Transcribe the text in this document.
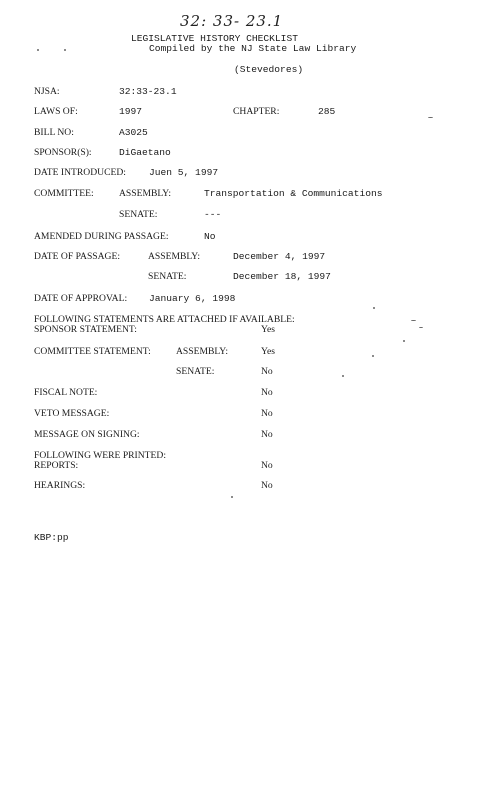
32: 33- 23.1
LEGISLATIVE HISTORY CHECKLIST
Compiled by the NJ State Law Library
(Stevedores)
NJSA:	32:33-23.1
LAWS OF:	1997	CHAPTER:	285
BILL NO:	A3025
SPONSOR(S):	DiGaetano
DATE INTRODUCED: Juen 5, 1997
COMMITTEE:	ASSEMBLY:	Transportation & Communications
SENATE:	---
AMENDED DURING PASSAGE:	No
DATE OF PASSAGE:	ASSEMBLY:	December 4, 1997
SENATE:	December 18, 1997
DATE OF APPROVAL: January 6, 1998
FOLLOWING STATEMENTS ARE ATTACHED IF AVAILABLE:
SPONSOR STATEMENT:	Yes
COMMITTEE STATEMENT:	ASSEMBLY:	Yes
SENATE:	No
FISCAL NOTE:	No
VETO MESSAGE:	No
MESSAGE ON SIGNING:	No
FOLLOWING WERE PRINTED:
REPORTS:	No
HEARINGS:	No
KBP:pp
